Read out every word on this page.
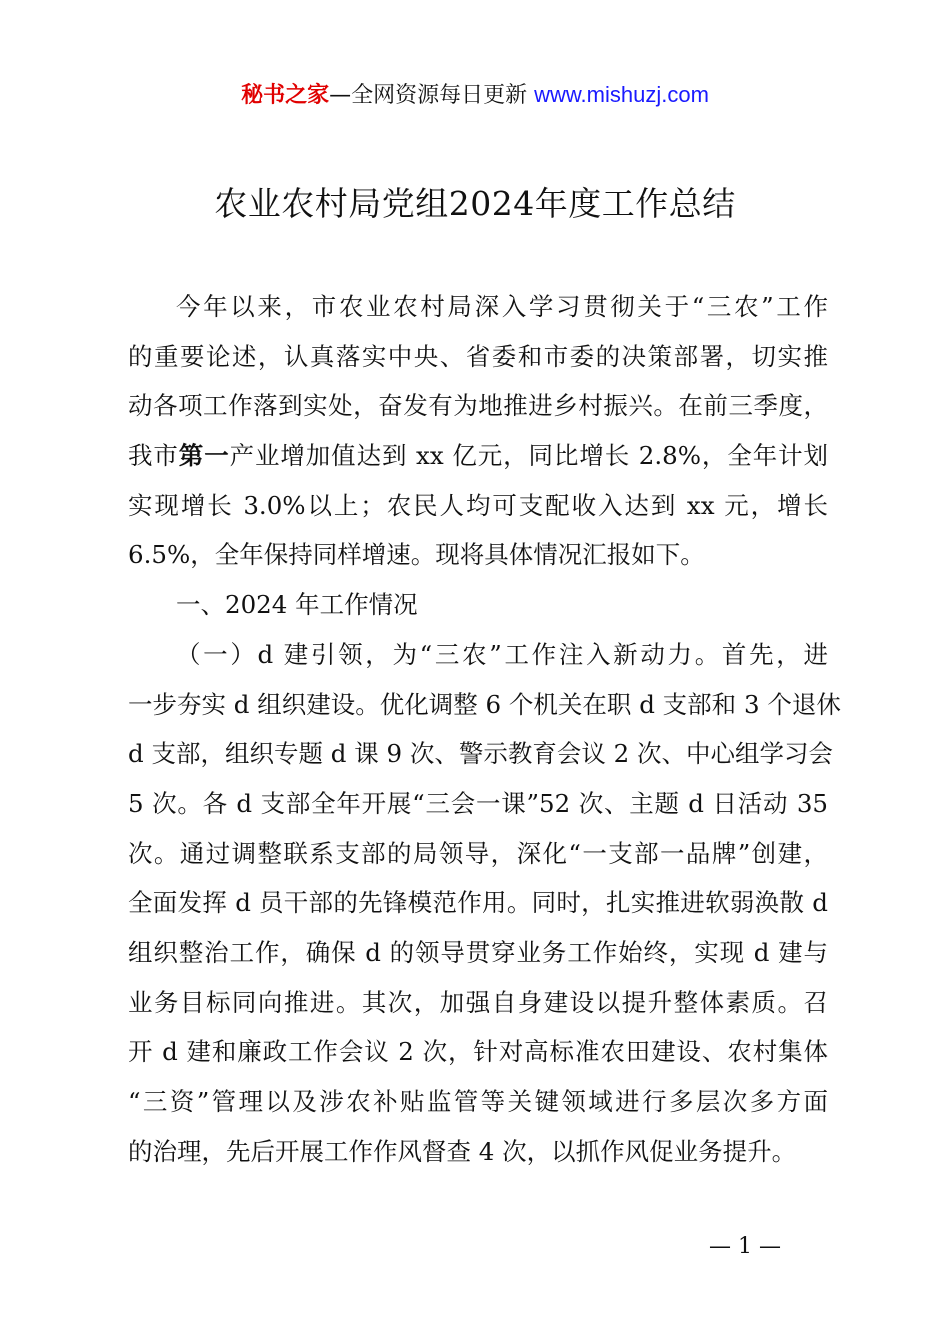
秘书之家—全网资源每日更新 www.mishuzj.com
农业农村局党组2024年度工作总结
今年以来，市农业农村局深入学习贯彻关于“三农”工作
的重要论述，认真落实中央、省委和市委的决策部署，切实推
动各项工作落到实处，奋发有为地推进乡村振兴。在前三季度，
我市第一产业增加值达到 xx 亿元，同比增长 2.8%，全年计划
实现增长 3.0%以上；农民人均可支配收入达到 xx 元，增长
6.5%，全年保持同样增速。现将具体情况汇报如下。
一、2024 年工作情况
（一）d 建引领，为“三农”工作注入新动力。首先，进
一步夯实 d 组织建设。优化调整 6 个机关在职 d 支部和 3 个退休
d 支部，组织专题 d 课 9 次、警示教育会议 2 次、中心组学习会
5 次。各 d 支部全年开展“三会一课”52 次、主题 d 日活动 35
次。通过调整联系支部的局领导，深化“一支部一品牌”创建，
全面发挥 d 员干部的先锋模范作用。同时，扎实推进软弱涣散 d
组织整治工作，确保 d 的领导贯穿业务工作始终，实现 d 建与
业务目标同向推进。其次，加强自身建设以提升整体素质。召
开 d 建和廉政工作会议 2 次，针对高标准农田建设、农村集体
“三资”管理以及涉农补贴监管等关键领域进行多层次多方面
的治理，先后开展工作作风督查 4 次，以抓作风促业务提升。
— 1 —
